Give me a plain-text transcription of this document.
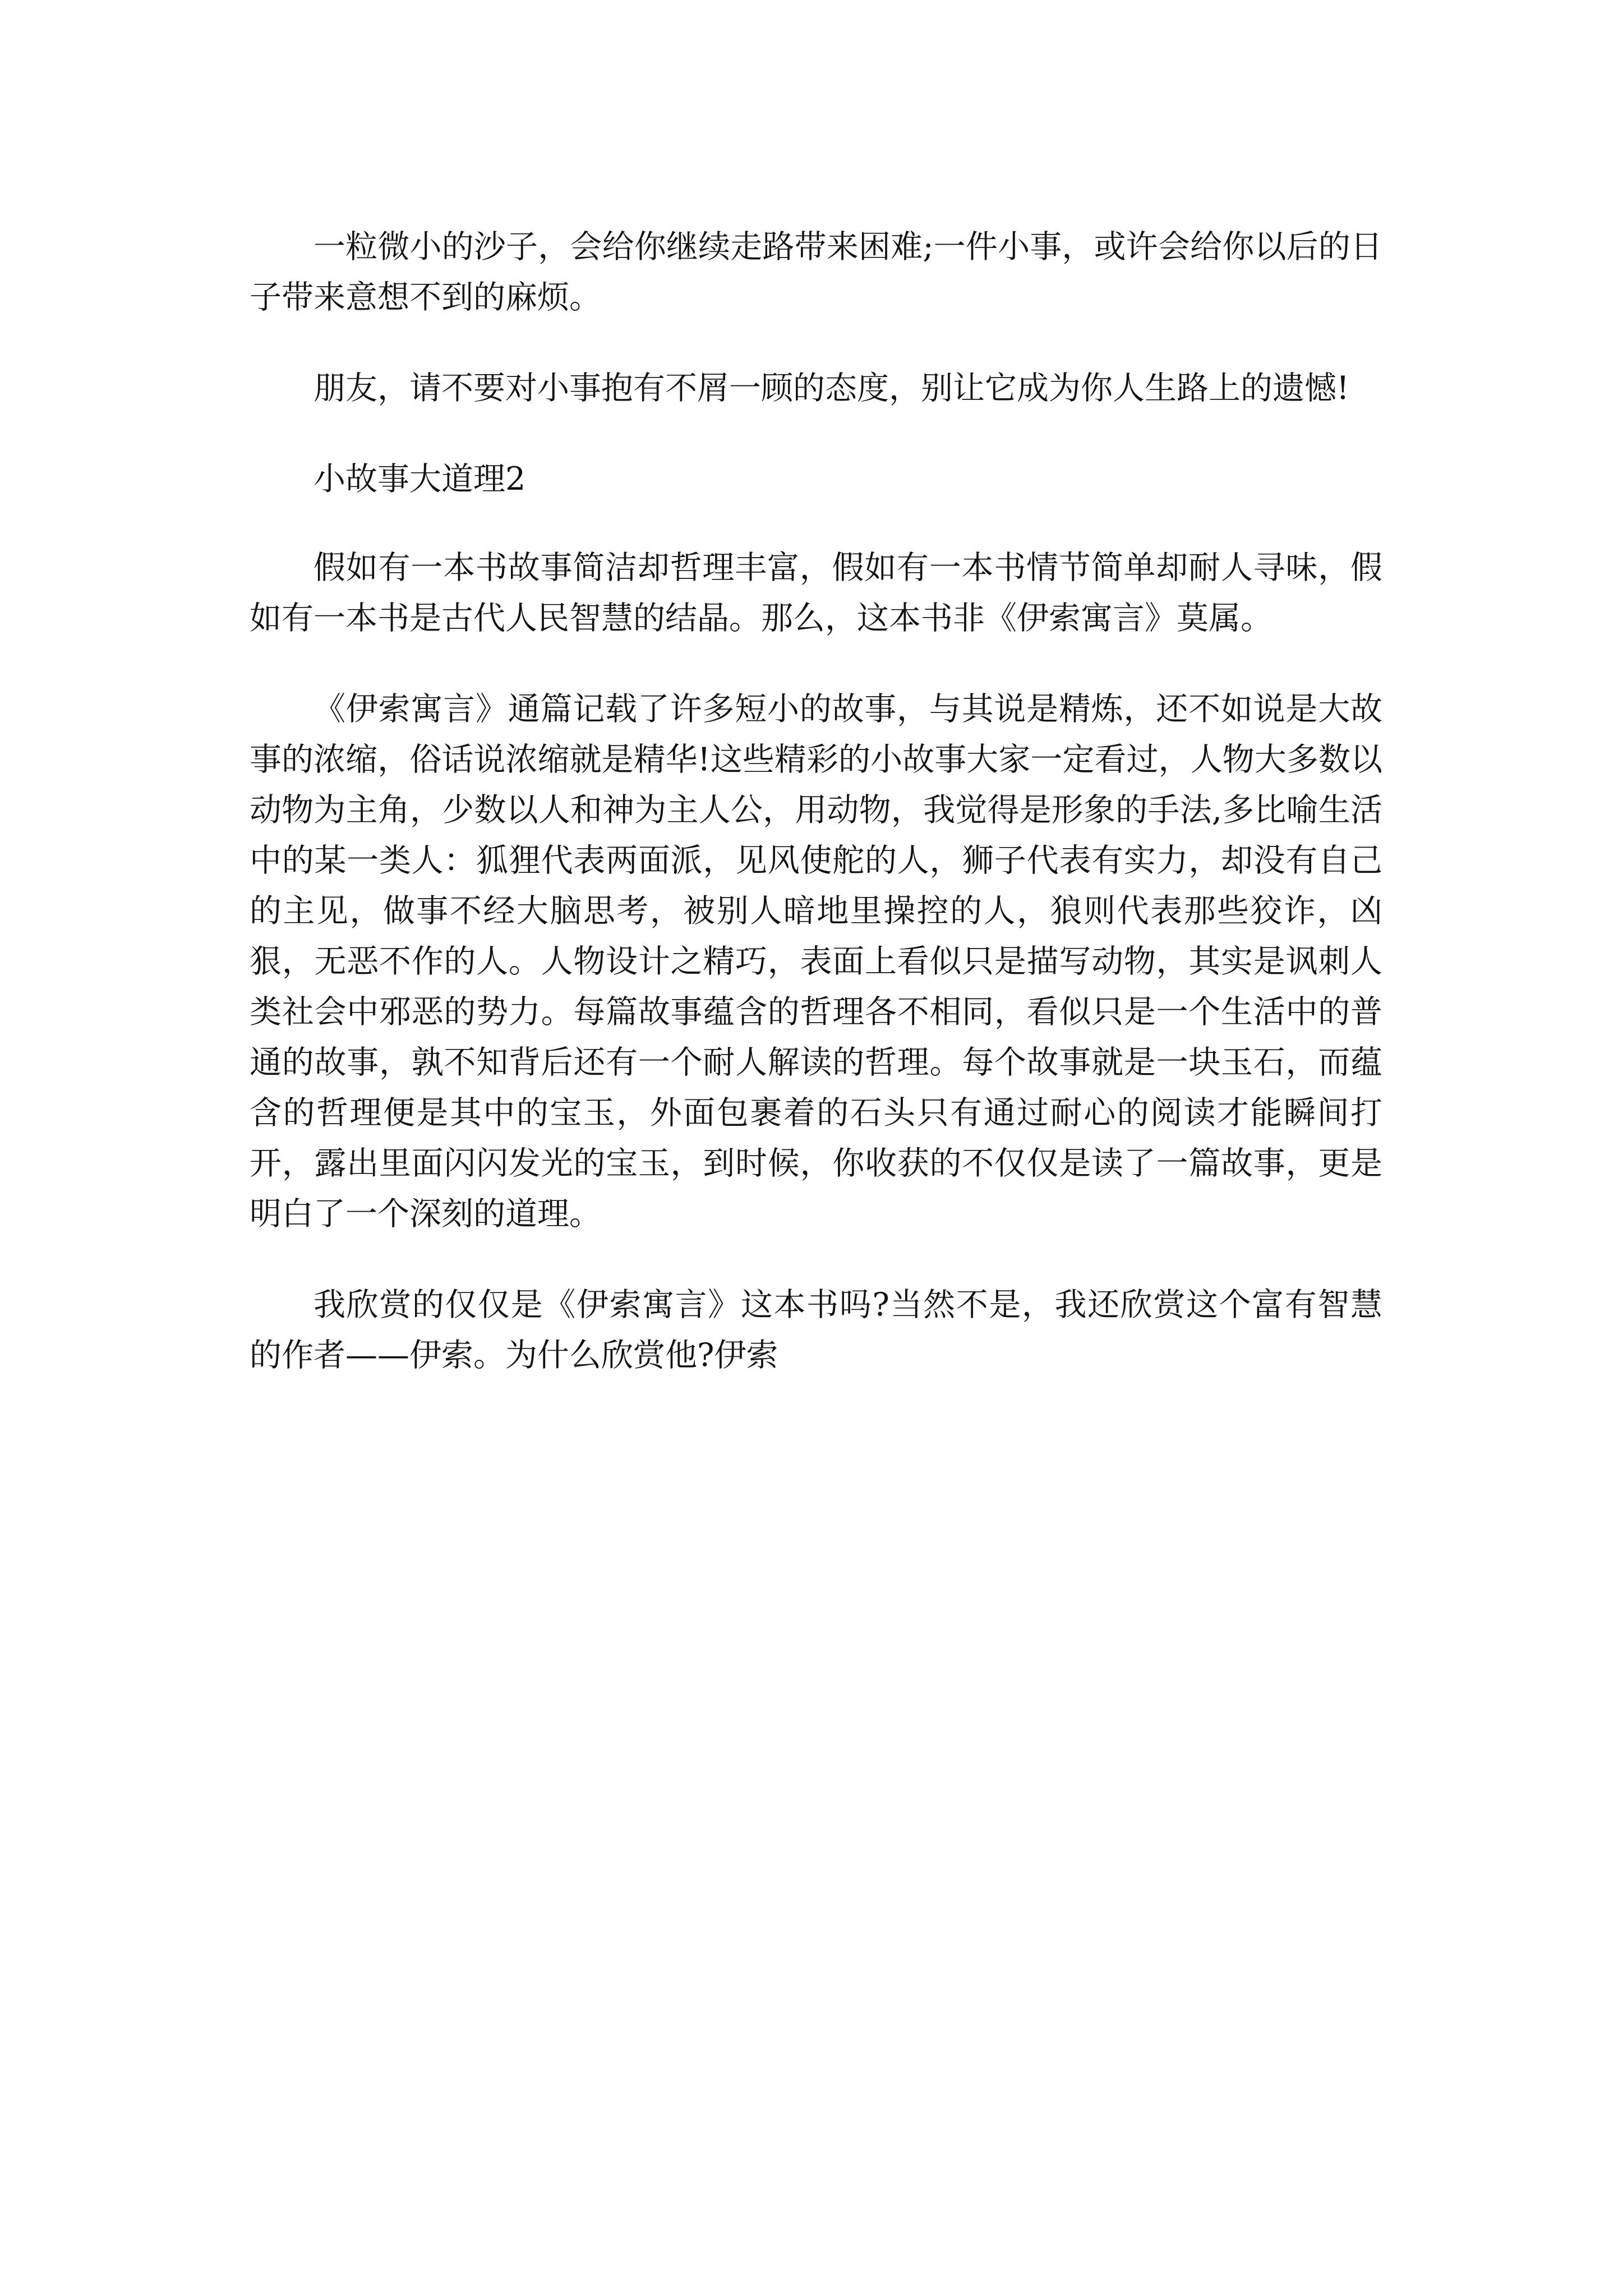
一粒微小的沙子，会给你继续走路带来困难;一件小事，或许会给你以后的日子带来意想不到的麻烦。

朋友，请不要对小事抱有不屑一顾的态度，别让它成为你人生路上的遗憾!

小故事大道理2

假如有一本书故事简洁却哲理丰富，假如有一本书情节简单却耐人寻味，假如有一本书是古代人民智慧的结晶。那么，这本书非《伊索寓言》莫属。

《伊索寓言》通篇记载了许多短小的故事，与其说是精炼，还不如说是大故事的浓缩，俗话说浓缩就是精华!这些精彩的小故事大家一定看过，人物大多数以动物为主角，少数以人和神为主人公，用动物，我觉得是形象的手法,多比喻生活中的某一类人：狐狸代表两面派，见风使舵的人，狮子代表有实力，却没有自己的主见，做事不经大脑思考，被别人暗地里操控的人，狼则代表那些狡诈，凶狠，无恶不作的人。人物设计之精巧，表面上看似只是描写动物，其实是讽刺人类社会中邪恶的势力。每篇故事蕴含的哲理各不相同，看似只是一个生活中的普通的故事，孰不知背后还有一个耐人解读的哲理。每个故事就是一块玉石，而蕴含的哲理便是其中的宝玉，外面包裹着的石头只有通过耐心的阅读才能瞬间打开，露出里面闪闪发光的宝玉，到时候，你收获的不仅仅是读了一篇故事，更是明白了一个深刻的道理。

我欣赏的仅仅是《伊索寓言》这本书吗?当然不是，我还欣赏这个富有智慧的作者——伊索。为什么欣赏他?伊索
